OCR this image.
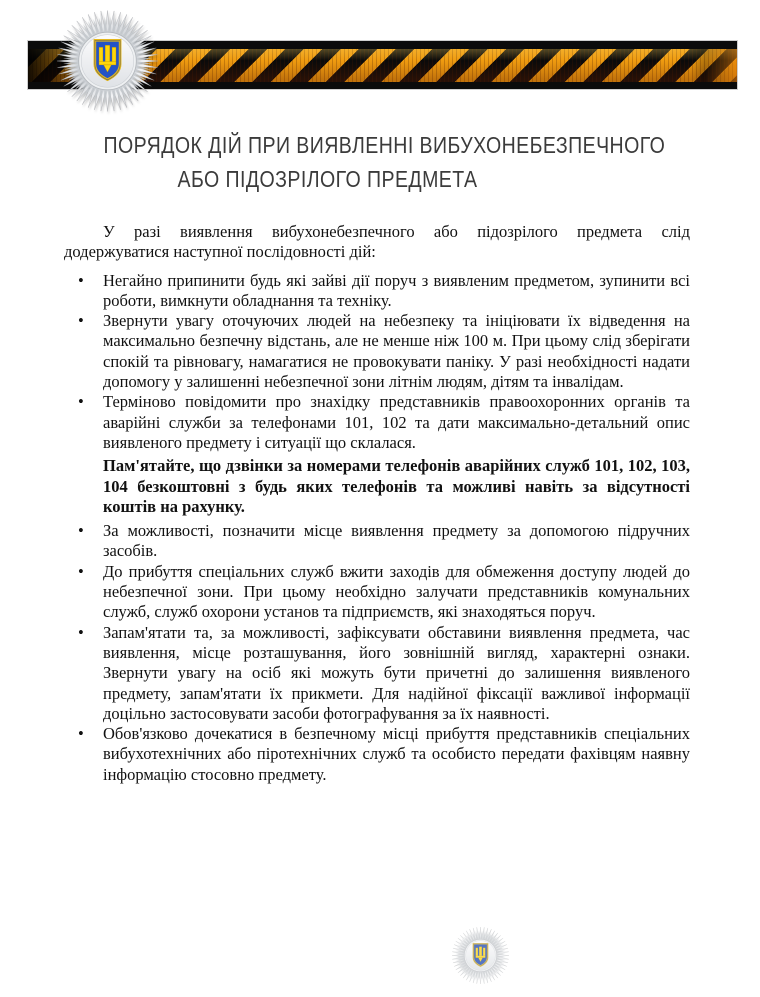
ПОРЯДОК ДІЙ ПРИ ВИЯВЛЕННІ ВИБУХОНЕБЕЗПЕЧНОГО
АБО ПІДОЗРІЛОГО ПРЕДМЕТА

У разі виявлення вибухонебезпечного або підозрілого предмета слід додержуватися наступної послідовності дій:

• Негайно припинити будь які зайві дії поруч з виявленим предметом, зупинити всі роботи, вимкнути обладнання та техніку.
• Звернути увагу оточуючих людей на небезпеку та ініціювати їх відведення на максимально безпечну відстань, але не менше ніж 100 м. При цьому слід зберігати спокій та рівновагу, намагатися не провокувати паніку. У разі необхідності надати допомогу у залишенні небезпечної зони літнім людям, дітям та інвалідам.
• Терміново повідомити про знахідку представників правоохоронних органів та аварійні служби за телефонами 101, 102 та дати максимально-детальний опис виявленого предмету і ситуації що склалася.

Пам'ятайте, що дзвінки за номерами телефонів аварійних служб 101, 102, 103, 104 безкоштовні з будь яких телефонів та можливі навіть за відсутності коштів на рахунку.

• За можливості, позначити місце виявлення предмету за допомогою підручних засобів.
• До прибуття спеціальних служб вжити заходів для обмеження доступу людей до небезпечної зони. При цьому необхідно залучати представників комунальних служб, служб охорони установ та підприємств, які знаходяться поруч.
• Запам'ятати та, за можливості, зафіксувати обставини виявлення предмета, час виявлення, місце розташування, його зовнішній вигляд, характерні ознаки. Звернути увагу на осіб які можуть бути причетні до залишення виявленого предмету, запам'ятати їх прикмети. Для надійної фіксації важливої інформації доцільно застосовувати засоби фотографування за їх наявності.
• Обов'язково дочекатися в безпечному місці прибуття представників спеціальних вибухотехнічних або піротехнічних служб та особисто передати фахівцям наявну інформацію стосовно предмету.
